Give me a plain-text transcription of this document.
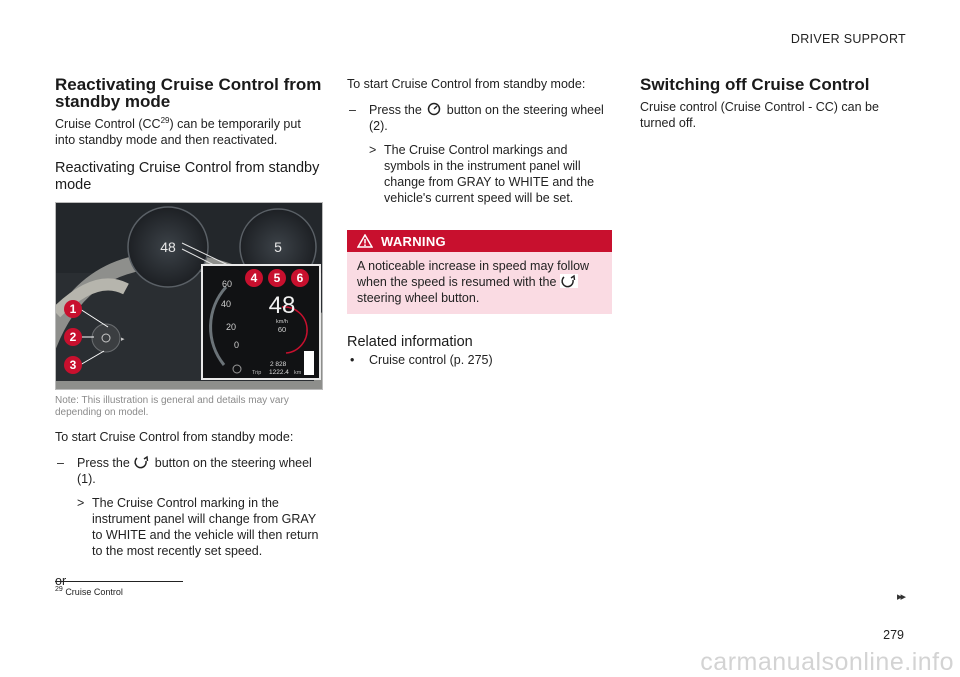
DRIVER SUPPORT
Reactivating Cruise Control from standby mode

Cruise Control (CC$^{29}$) can be temporarily put into standby mode and then reactivated.

Reactivating Cruise Control from standby mode
48	5
▸
60
40
20
0
48
km/h
60
2 828
Trip 1222.4 km
1
2
3
4 5 6
Note: This illustration is general and details may vary depending on model.

To start Cruise Control from standby mode:

– Press the button on the steering wheel (1).
> The Cruise Control marking in the instrument panel will change from GRAY to WHITE and the vehicle will then return to the most recently set speed.

or

To start Cruise Control from standby mode:

– Press the button on the steering wheel (2).
> The Cruise Control markings and symbols in the instrument panel will change from GRAY to WHITE and the vehicle's current speed will be set.
WARNING
A noticeable increase in speed may follow when the speed is resumed with the  steering wheel button.
Related information
• Cruise control (p. 275)
Switching off Cruise Control

Cruise control (Cruise Control - CC) can be turned off.

$^{29}$ Cruise Control	▸▸
279
carmanualsonline.info
